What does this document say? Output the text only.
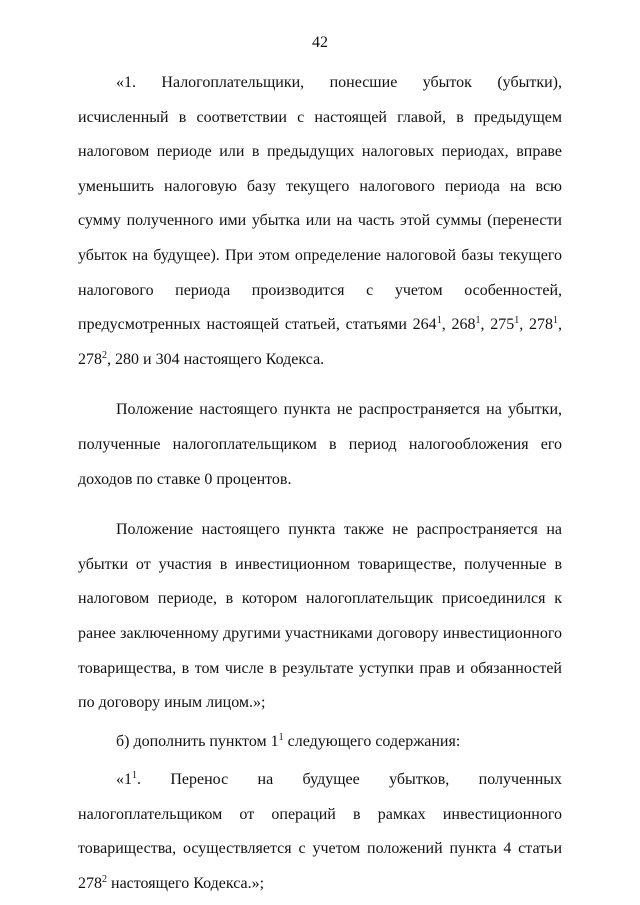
42

«1. Налогоплательщики, понесшие убыток (убытки), исчисленный в соответствии с настоящей главой, в предыдущем налоговом периоде или в предыдущих налоговых периодах, вправе уменьшить налоговую базу текущего налогового периода на всю сумму полученного ими убытка или на часть этой суммы (перенести убыток на будущее). При этом определение налоговой базы текущего налогового периода производится с учетом особенностей, предусмотренных настоящей статьей, статьями $264^1$, $268^1$, $275^1$, $278^1$, $278^2$, 280 и 304 настоящего Кодекса.

Положение настоящего пункта не распространяется на убытки, полученные налогоплательщиком в период налогообложения его доходов по ставке 0 процентов.

Положение настоящего пункта также не распространяется на убытки от участия в инвестиционном товариществе, полученные в налоговом периоде, в котором налогоплательщик присоединился к ранее заключенному другими участниками договору инвестиционного товарищества, в том числе в результате уступки прав и обязанностей по договору иным лицом.»;

б) дополнить пунктом $1^1$ следующего содержания:

«$1^1$. Перенос на будущее убытков, полученных налогоплательщиком от операций в рамках инвестиционного товарищества, осуществляется с учетом положений пункта 4 статьи $278^2$ настоящего Кодекса.»;
